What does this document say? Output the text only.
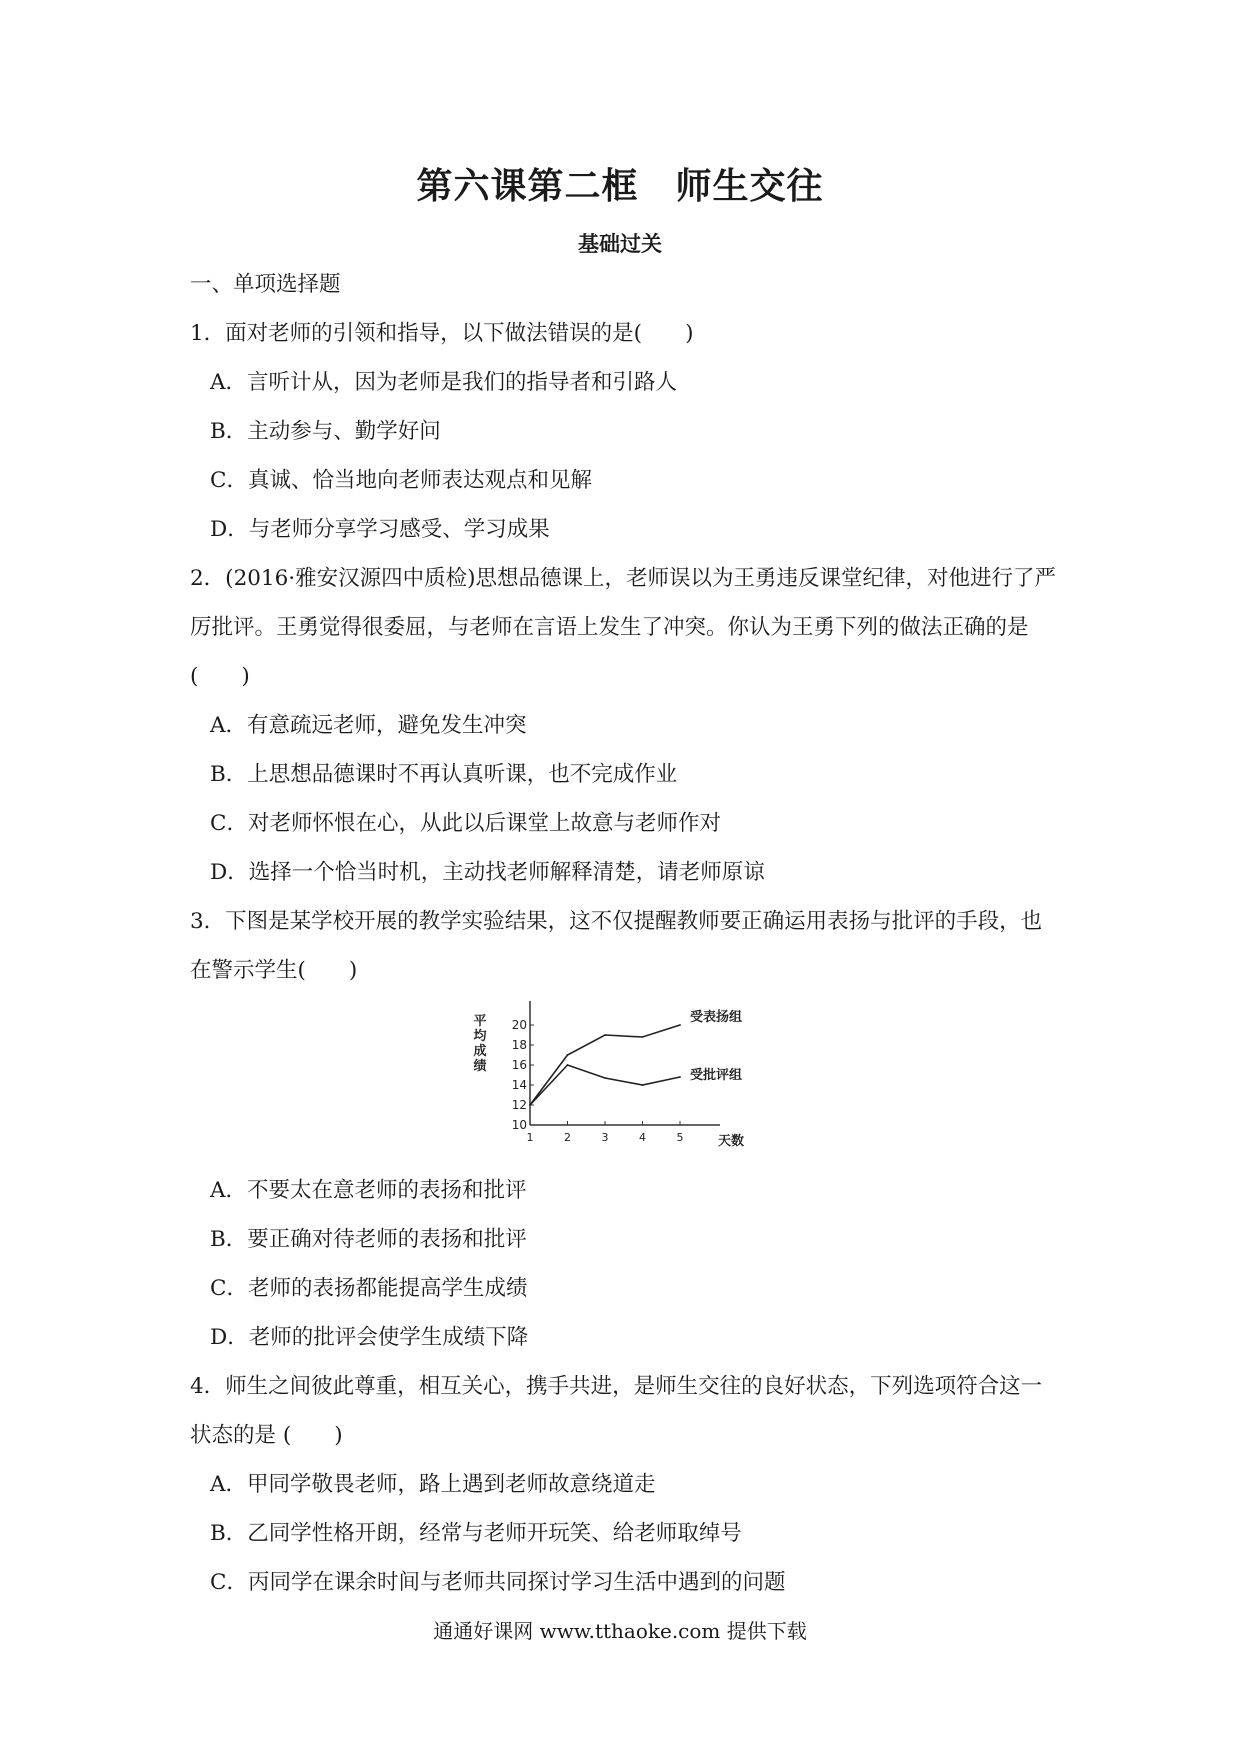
第六课第二框　师生交往
基础过关
一、单项选择题
1．面对老师的引领和指导，以下做法错误的是(　　)
A．言听计从，因为老师是我们的指导者和引路人
B．主动参与、勤学好问
C．真诚、恰当地向老师表达观点和见解
D．与老师分享学习感受、学习成果
2．(2016·雅安汉源四中质检)思想品德课上，老师误以为王勇违反课堂纪律，对他进行了严
厉批评。王勇觉得很委屈，与老师在言语上发生了冲突。你认为王勇下列的做法正确的是
(　　)
A．有意疏远老师，避免发生冲突
B．上思想品德课时不再认真听课，也不完成作业
C．对老师怀恨在心，从此以后课堂上故意与老师作对
D．选择一个恰当时机，主动找老师解释清楚，请老师原谅
3．下图是某学校开展的教学实验结果，这不仅提醒教师要正确运用表扬与批评的手段，也
在警示学生(　　)
10
12
14
16
18
20
1	2	3	4	5	天数
平均成绩
受表扬组
受批评组
A．不要太在意老师的表扬和批评
B．要正确对待老师的表扬和批评
C．老师的表扬都能提高学生成绩
D．老师的批评会使学生成绩下降
4．师生之间彼此尊重，相互关心，携手共进，是师生交往的良好状态，下列选项符合这一
状态的是 (　　)
A．甲同学敬畏老师，路上遇到老师故意绕道走
B．乙同学性格开朗，经常与老师开玩笑、给老师取绰号
C．丙同学在课余时间与老师共同探讨学习生活中遇到的问题
通通好课网 www.tthaoke.com 提供下载
